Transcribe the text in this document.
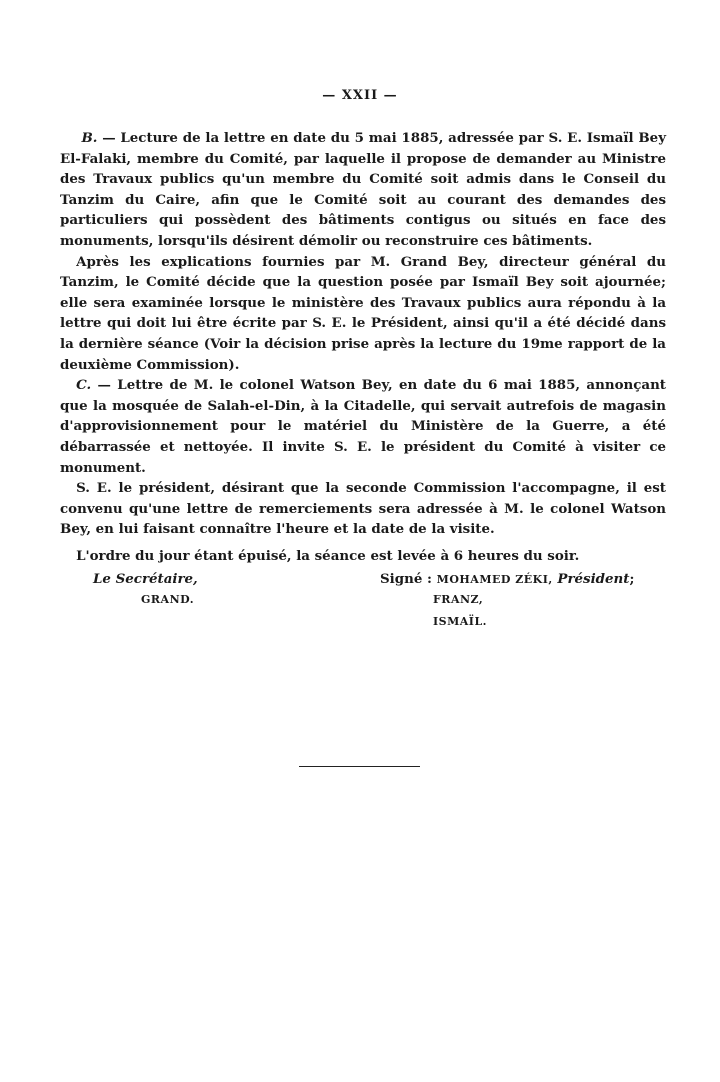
— XXII —

B. — Lecture de la lettre en date du 5 mai 1885, adressée par S. E. Ismaïl Bey El-Falaki, membre du Comité, par laquelle il propose de demander au Ministre des Travaux publics qu'un membre du Comité soit admis dans le Conseil du Tanzim du Caire, afin que le Comité soit au courant des demandes des particuliers qui possèdent des bâtiments contigus ou situés en face des monuments, lorsqu'ils désirent démolir ou reconstruire ces bâtiments.

Après les explications fournies par M. Grand Bey, directeur général du Tanzim, le Comité décide que la question posée par Ismaïl Bey soit ajournée; elle sera examinée lorsque le ministère des Travaux publics aura répondu à la lettre qui doit lui être écrite par S. E. le Président, ainsi qu'il a été décidé dans la dernière séance (Voir la décision prise après la lecture du 19me rapport de la deuxième Commission).

C. — Lettre de M. le colonel Watson Bey, en date du 6 mai 1885, annonçant que la mosquée de Salah-el-Din, à la Citadelle, qui servait autrefois de magasin d'approvisionnement pour le matériel du Ministère de la Guerre, a été débarrassée et nettoyée. Il invite S. E. le président du Comité à visiter ce monument.

S. E. le président, désirant que la seconde Commission l'accompagne, il est convenu qu'une lettre de remerciements sera adressée à M. le colonel Watson Bey, en lui faisant connaître l'heure et la date de la visite.

L'ordre du jour étant épuisé, la séance est levée à 6 heures du soir.

Le Secrétaire,
GRAND.
Signé : MOHAMED ZÉKI, Président;
FRANZ,
ISMAÏL.
